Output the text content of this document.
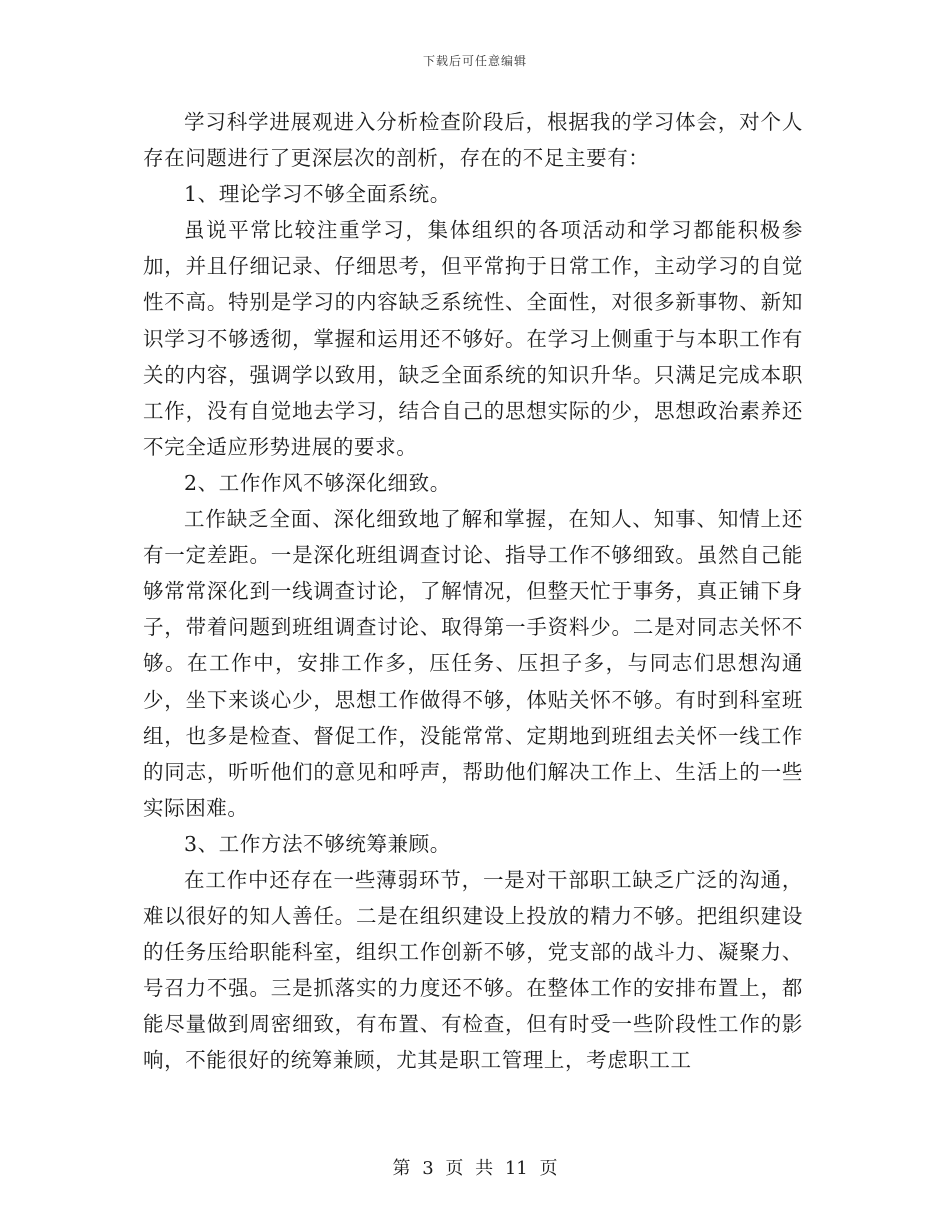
下载后可任意编辑

学习科学进展观进入分析检查阶段后，根据我的学习体会，对个人存在问题进行了更深层次的剖析，存在的不足主要有：

1、理论学习不够全面系统。

虽说平常比较注重学习，集体组织的各项活动和学习都能积极参加，并且仔细记录、仔细思考，但平常拘于日常工作，主动学习的自觉性不高。特别是学习的内容缺乏系统性、全面性，对很多新事物、新知识学习不够透彻，掌握和运用还不够好。在学习上侧重于与本职工作有关的内容，强调学以致用，缺乏全面系统的知识升华。只满足完成本职工作，没有自觉地去学习，结合自己的思想实际的少，思想政治素养还不完全适应形势进展的要求。

2、工作作风不够深化细致。

工作缺乏全面、深化细致地了解和掌握，在知人、知事、知情上还有一定差距。一是深化班组调查讨论、指导工作不够细致。虽然自己能够常常深化到一线调查讨论，了解情况，但整天忙于事务，真正铺下身子，带着问题到班组调查讨论、取得第一手资料少。二是对同志关怀不够。在工作中，安排工作多，压任务、压担子多，与同志们思想沟通少，坐下来谈心少，思想工作做得不够，体贴关怀不够。有时到科室班组，也多是检查、督促工作，没能常常、定期地到班组去关怀一线工作的同志，听听他们的意见和呼声，帮助他们解决工作上、生活上的一些实际困难。

3、工作方法不够统筹兼顾。

在工作中还存在一些薄弱环节，一是对干部职工缺乏广泛的沟通，难以很好的知人善任。二是在组织建设上投放的精力不够。把组织建设的任务压给职能科室，组织工作创新不够，党支部的战斗力、凝聚力、号召力不强。三是抓落实的力度还不够。在整体工作的安排布置上，都能尽量做到周密细致，有布置、有检查，但有时受一些阶段性工作的影响，不能很好的统筹兼顾，尤其是职工管理上，考虑职工工

第 3 页 共 11 页
